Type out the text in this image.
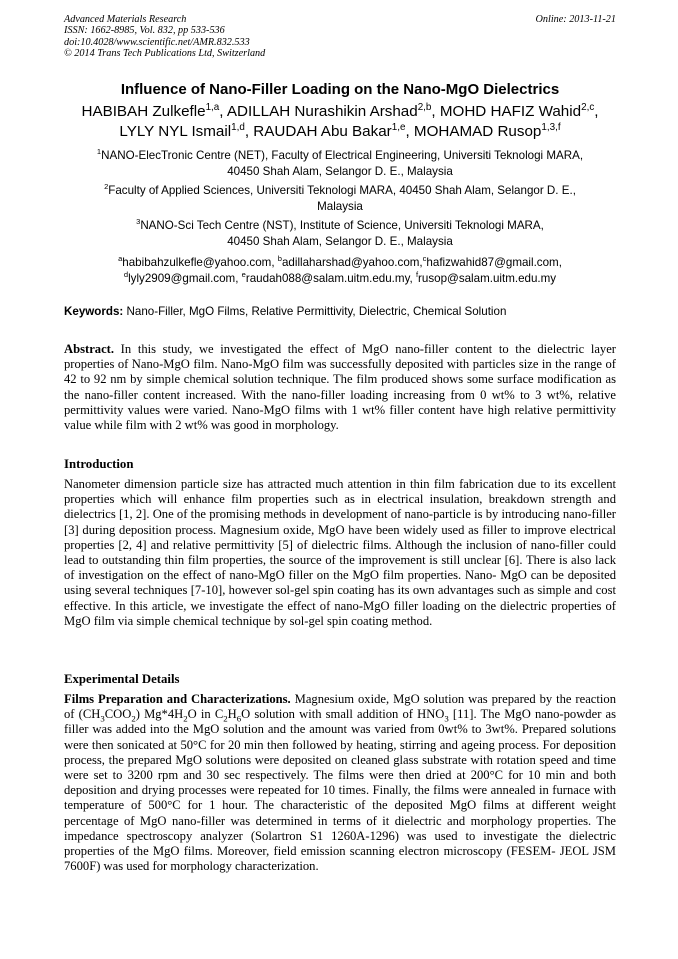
Advanced Materials Research
ISSN: 1662-8985, Vol. 832, pp 533-536
doi:10.4028/www.scientific.net/AMR.832.533
© 2014 Trans Tech Publications Ltd, Switzerland
Online: 2013-11-21
Influence of Nano-Filler Loading on the Nano-MgO Dielectrics
HABIBAH Zulkefle$^{1,a}$, ADILLAH Nurashikin Arshad$^{2,b}$, MOHD HAFIZ Wahid$^{2,c}$,
LYLY NYL Ismail$^{1,d}$, RAUDAH Abu Bakar$^{1,e}$, MOHAMAD Rusop$^{1,3,f}$
$^1$NANO-ElecTronic Centre (NET), Faculty of Electrical Engineering, Universiti Teknologi MARA,
40450 Shah Alam, Selangor D. E., Malaysia
$^2$Faculty of Applied Sciences, Universiti Teknologi MARA, 40450 Shah Alam, Selangor D. E.,
Malaysia
$^3$NANO-Sci Tech Centre (NST), Institute of Science, Universiti Teknologi MARA,
40450 Shah Alam, Selangor D. E., Malaysia
$^a$habibahzulkefle@yahoo.com, $^b$adillaharshad@yahoo.com,$^c$hafizwahid87@gmail.com,
$^d$lyly2909@gmail.com, $^e$raudah088@salam.uitm.edu.my, $^f$rusop@salam.uitm.edu.my
Keywords: Nano-Filler, MgO Films, Relative Permittivity, Dielectric, Chemical Solution
Abstract. In this study, we investigated the effect of MgO nano-filler content to the dielectric layer properties of Nano-MgO film. Nano-MgO film was successfully deposited with particles size in the range of 42 to 92 nm by simple chemical solution technique. The film produced shows some surface modification as the nano-filler content increased. With the nano-filler loading increasing from 0 wt% to 3 wt%, relative permittivity values were varied. Nano-MgO films with 1 wt% filler content have high relative permittivity value while film with 2 wt% was good in morphology.
Introduction
Nanometer dimension particle size has attracted much attention in thin film fabrication due to its excellent properties which will enhance film properties such as in electrical insulation, breakdown strength and dielectrics [1, 2]. One of the promising methods in development of nano-particle is by introducing nano-filler [3] during deposition process. Magnesium oxide, MgO have been widely used as filler to improve electrical properties [2, 4] and relative permittivity [5] of dielectric films. Although the inclusion of nano-filler could lead to outstanding thin film properties, the source of the improvement is still unclear [6]. There is also lack of investigation on the effect of nano-MgO filler on the MgO film properties. Nano- MgO can be deposited using several techniques [7-10], however sol-gel spin coating has its own advantages such as simple and cost effective. In this article, we investigate the effect of nano-MgO filler loading on the dielectric properties of MgO film via simple chemical technique by sol-gel spin coating method.
Experimental Details
Films Preparation and Characterizations. Magnesium oxide, MgO solution was prepared by the reaction of $(CH_3COO_2)$ $Mg*4H_2O$ in $C_2H_6O$ solution with small addition of $HNO_3$ [11]. The MgO nano-powder as filler was added into the MgO solution and the amount was varied from 0wt% to 3wt%. Prepared solutions were then sonicated at 50°C for 20 min then followed by heating, stirring and ageing process. For deposition process, the prepared MgO solutions were deposited on cleaned glass substrate with rotation speed and time were set to 3200 rpm and 30 sec respectively. The films were then dried at 200°C for 10 min and both deposition and drying processes were repeated for 10 times. Finally, the films were annealed in furnace with temperature of 500°C for 1 hour. The characteristic of the deposited MgO films at different weight percentage of MgO nano-filler was determined in terms of it dielectric and morphology properties. The impedance spectroscopy analyzer (Solartron S1 1260A-1296) was used to investigate the dielectric properties of the MgO films. Moreover, field emission scanning electron microscopy (FESEM- JEOL JSM 7600F) was used for morphology characterization.
